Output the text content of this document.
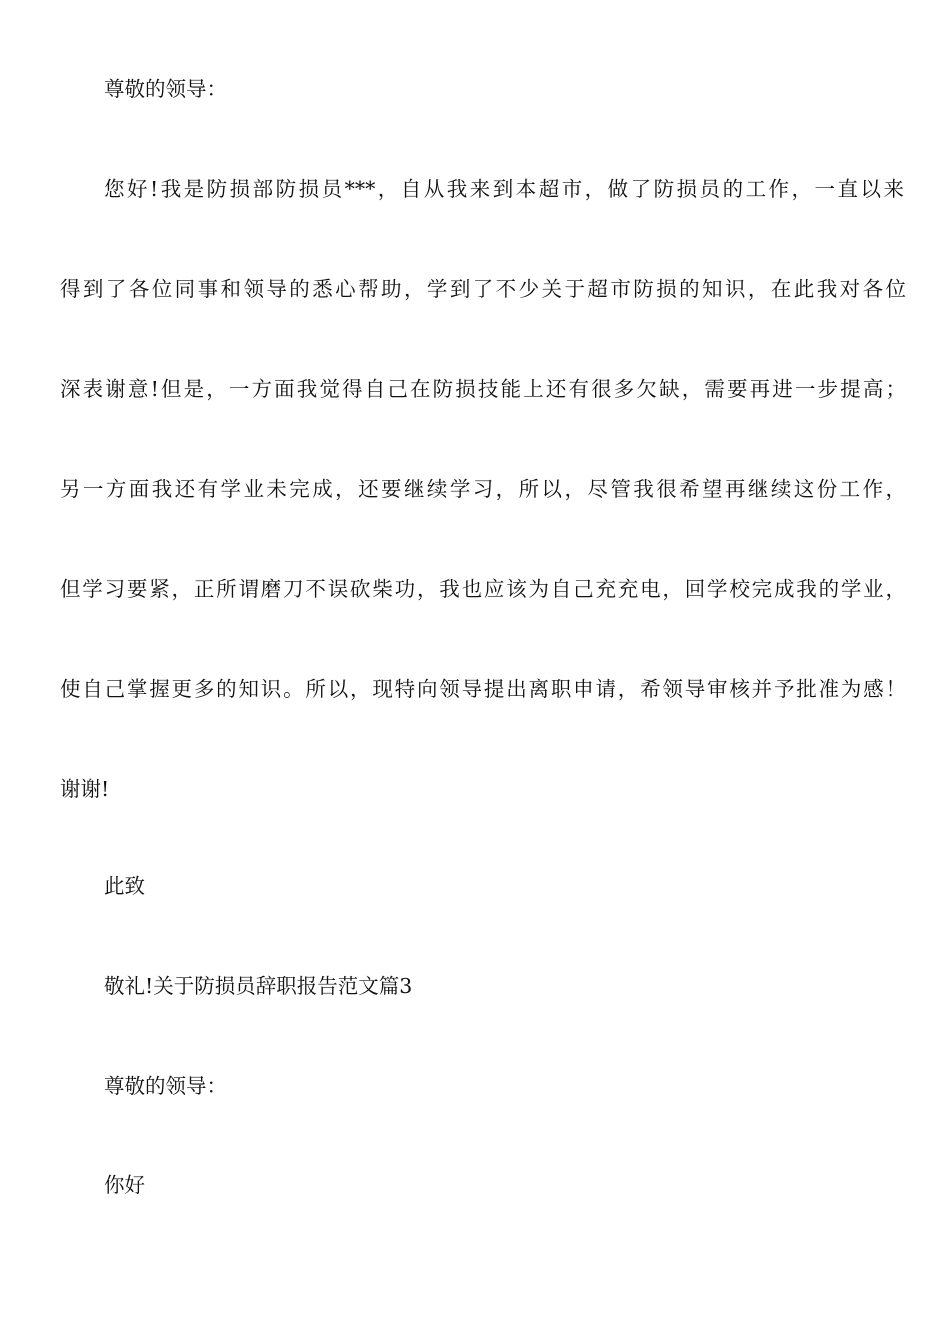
尊敬的领导：
您好!我是防损部防损员***，自从我来到本超市，做了防损员的工作，一直以来
得到了各位同事和领导的悉心帮助，学到了不少关于超市防损的知识，在此我对各位
深表谢意!但是，一方面我觉得自己在防损技能上还有很多欠缺，需要再进一步提高；
另一方面我还有学业未完成，还要继续学习，所以，尽管我很希望再继续这份工作，
但学习要紧，正所谓磨刀不误砍柴功，我也应该为自己充充电，回学校完成我的学业，
使自己掌握更多的知识。所以，现特向领导提出离职申请，希领导审核并予批准为感！
谢谢!
此致
敬礼!关于防损员辞职报告范文篇3
尊敬的领导：
你好
